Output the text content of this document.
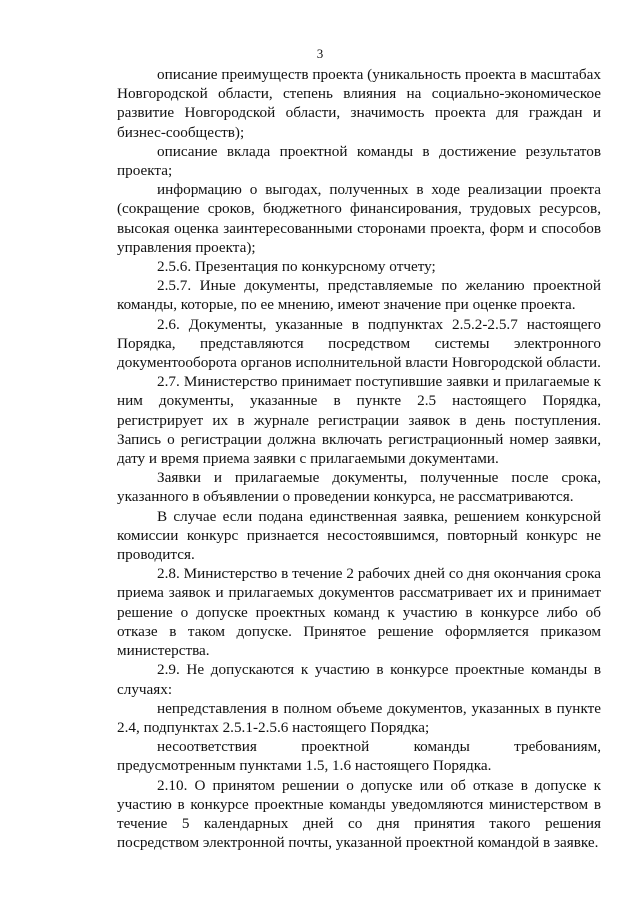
3

описание преимуществ проекта (уникальность проекта в масштабах Новгородской области, степень влияния на социально-экономическое развитие Новгородской области, значимость проекта для граждан и бизнес-сообществ);

описание вклада проектной команды в достижение результатов проекта;

информацию о выгодах, полученных в ходе реализации проекта (сокращение сроков, бюджетного финансирования, трудовых ресурсов, высокая оценка заинтересованными сторонами проекта, форм и способов управления проекта);

2.5.6. Презентация по конкурсному отчету;

2.5.7. Иные документы, представляемые по желанию проектной команды, которые, по ее мнению, имеют значение при оценке проекта.

2.6. Документы, указанные в подпунктах 2.5.2-2.5.7 настоящего Порядка, представляются посредством системы электронного документооборота органов исполнительной власти Новгородской области.

2.7. Министерство принимает поступившие заявки и прилагаемые к ним документы, указанные в пункте 2.5 настоящего Порядка, регистрирует их в журнале регистрации заявок в день поступления. Запись о регистрации должна включать регистрационный номер заявки, дату и время приема заявки с прилагаемыми документами.

Заявки и прилагаемые документы, полученные после срока, указанного в объявлении о проведении конкурса, не рассматриваются.

В случае если подана единственная заявка, решением конкурсной комиссии конкурс признается несостоявшимся, повторный конкурс не проводится.

2.8. Министерство в течение 2 рабочих дней со дня окончания срока приема заявок и прилагаемых документов рассматривает их и принимает решение о допуске проектных команд к участию в конкурсе либо об отказе в таком допуске. Принятое решение оформляется приказом министерства.

2.9. Не допускаются к участию в конкурсе проектные команды в случаях:

непредставления в полном объеме документов, указанных в пункте 2.4, подпунктах 2.5.1-2.5.6 настоящего Порядка;

несоответствия проектной команды требованиям, предусмотренным пунктами 1.5, 1.6 настоящего Порядка.

2.10. О принятом решении о допуске или об отказе в допуске к участию в конкурсе проектные команды уведомляются министерством в течение 5 календарных дней со дня принятия такого решения посредством электронной почты, указанной проектной командой в заявке.
